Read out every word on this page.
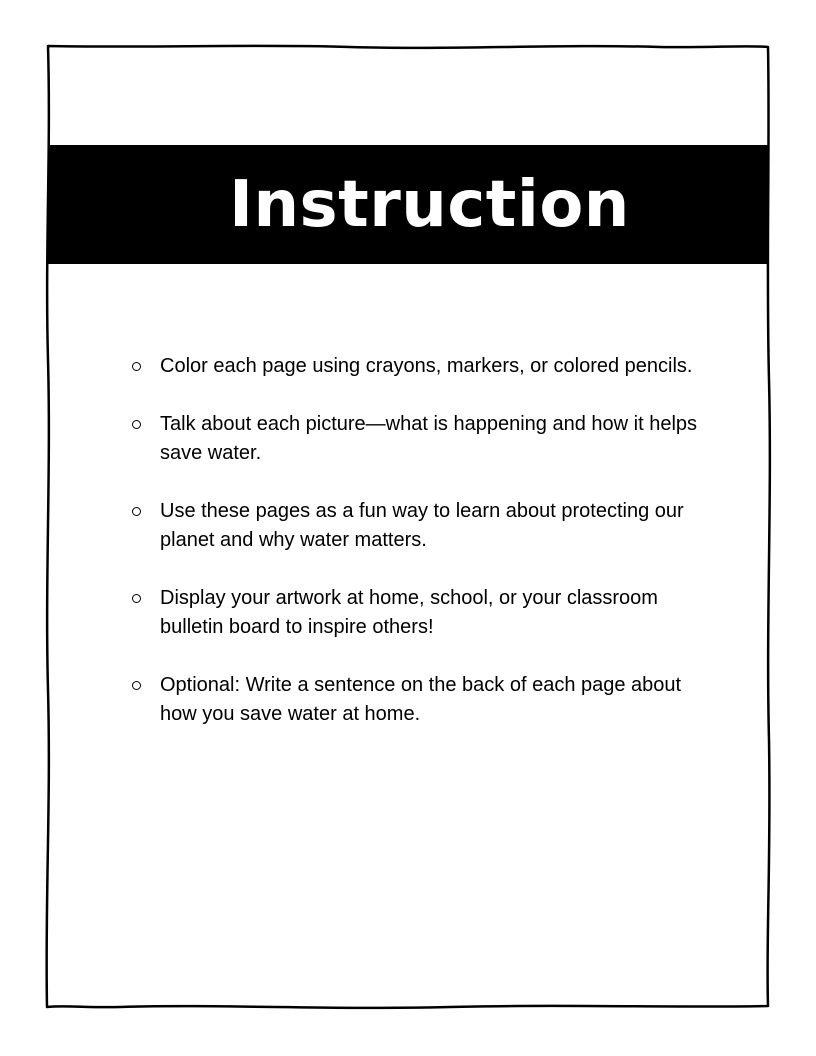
Instruction
Color each page using crayons, markers, or colored pencils.
Talk about each picture—what is happening and how it helps save water.
Use these pages as a fun way to learn about protecting our planet and why water matters.
Display your artwork at home, school, or your classroom bulletin board to inspire others!
Optional: Write a sentence on the back of each page about how you save water at home.
